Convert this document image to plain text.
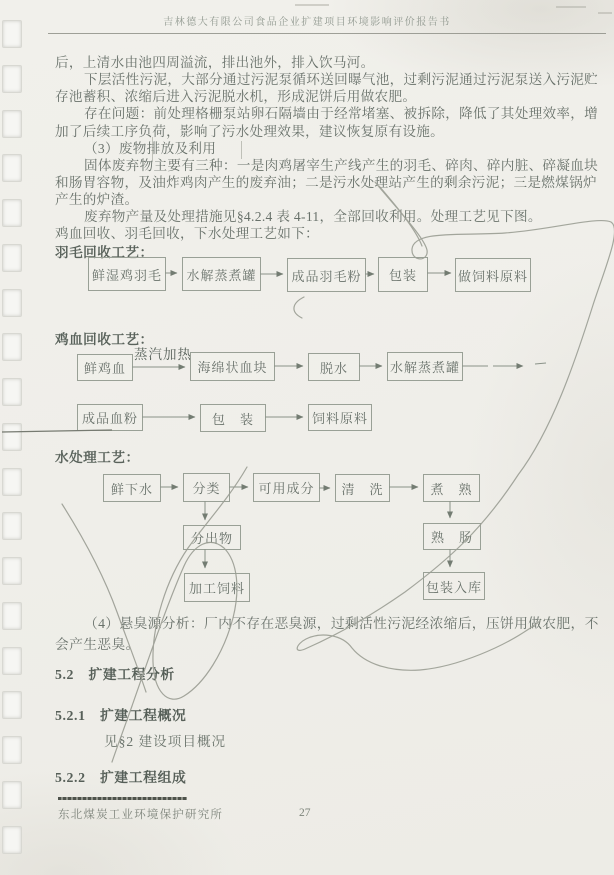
吉林德大有限公司食品企业扩建项目环境影响评价报告书
后，上清水由池四周溢流，排出池外，排入饮马河。
下层活性污泥，大部分通过污泥泵循环送回曝气池，过剩污泥通过污泥泵送入污泥贮
存池蓄积、浓缩后进入污泥脱水机，形成泥饼后用做农肥。
存在问题：前处理格栅泵站卵石隔墙由于经常堵塞、被拆除，降低了其处理效率，增
加了后续工序负荷，影响了污水处理效果，建议恢复原有设施。
（3）废物排放及利用
固体废弃物主要有三种：一是肉鸡屠宰生产线产生的羽毛、碎肉、碎内脏、碎凝血块
和肠胃容物，及油炸鸡肉产生的废弃油；二是污水处理站产生的剩余污泥；三是燃煤锅炉
产生的炉渣。
废弃物产量及处理措施见§4.2.4 表 4-11，全部回收利用。处理工艺见下图。
鸡血回收、羽毛回收，下水处理工艺如下：
羽毛回收工艺：
鲜湿鸡羽毛	水解蒸煮罐	成品羽毛粉	包装	做饲料原料
鸡血回收工艺：
蒸汽加热
鲜鸡血	海绵状血块	脱水	水解蒸煮罐
成品血粉	包　装	饲料原料
水处理工艺：
鲜下水	分类	可用成分	清　洗	煮　熟
分出物
加工饲料
熟　肠
包装入库
（4）悬臭源分析：厂内不存在恶臭源，过剩活性污泥经浓缩后，压饼用做农肥，不
会产生恶臭。
5.2　扩建工程分析
5.2.1　扩建工程概况
见§2 建设项目概况
5.2.2　扩建工程组成
东北煤炭工业环境保护研究所	27
